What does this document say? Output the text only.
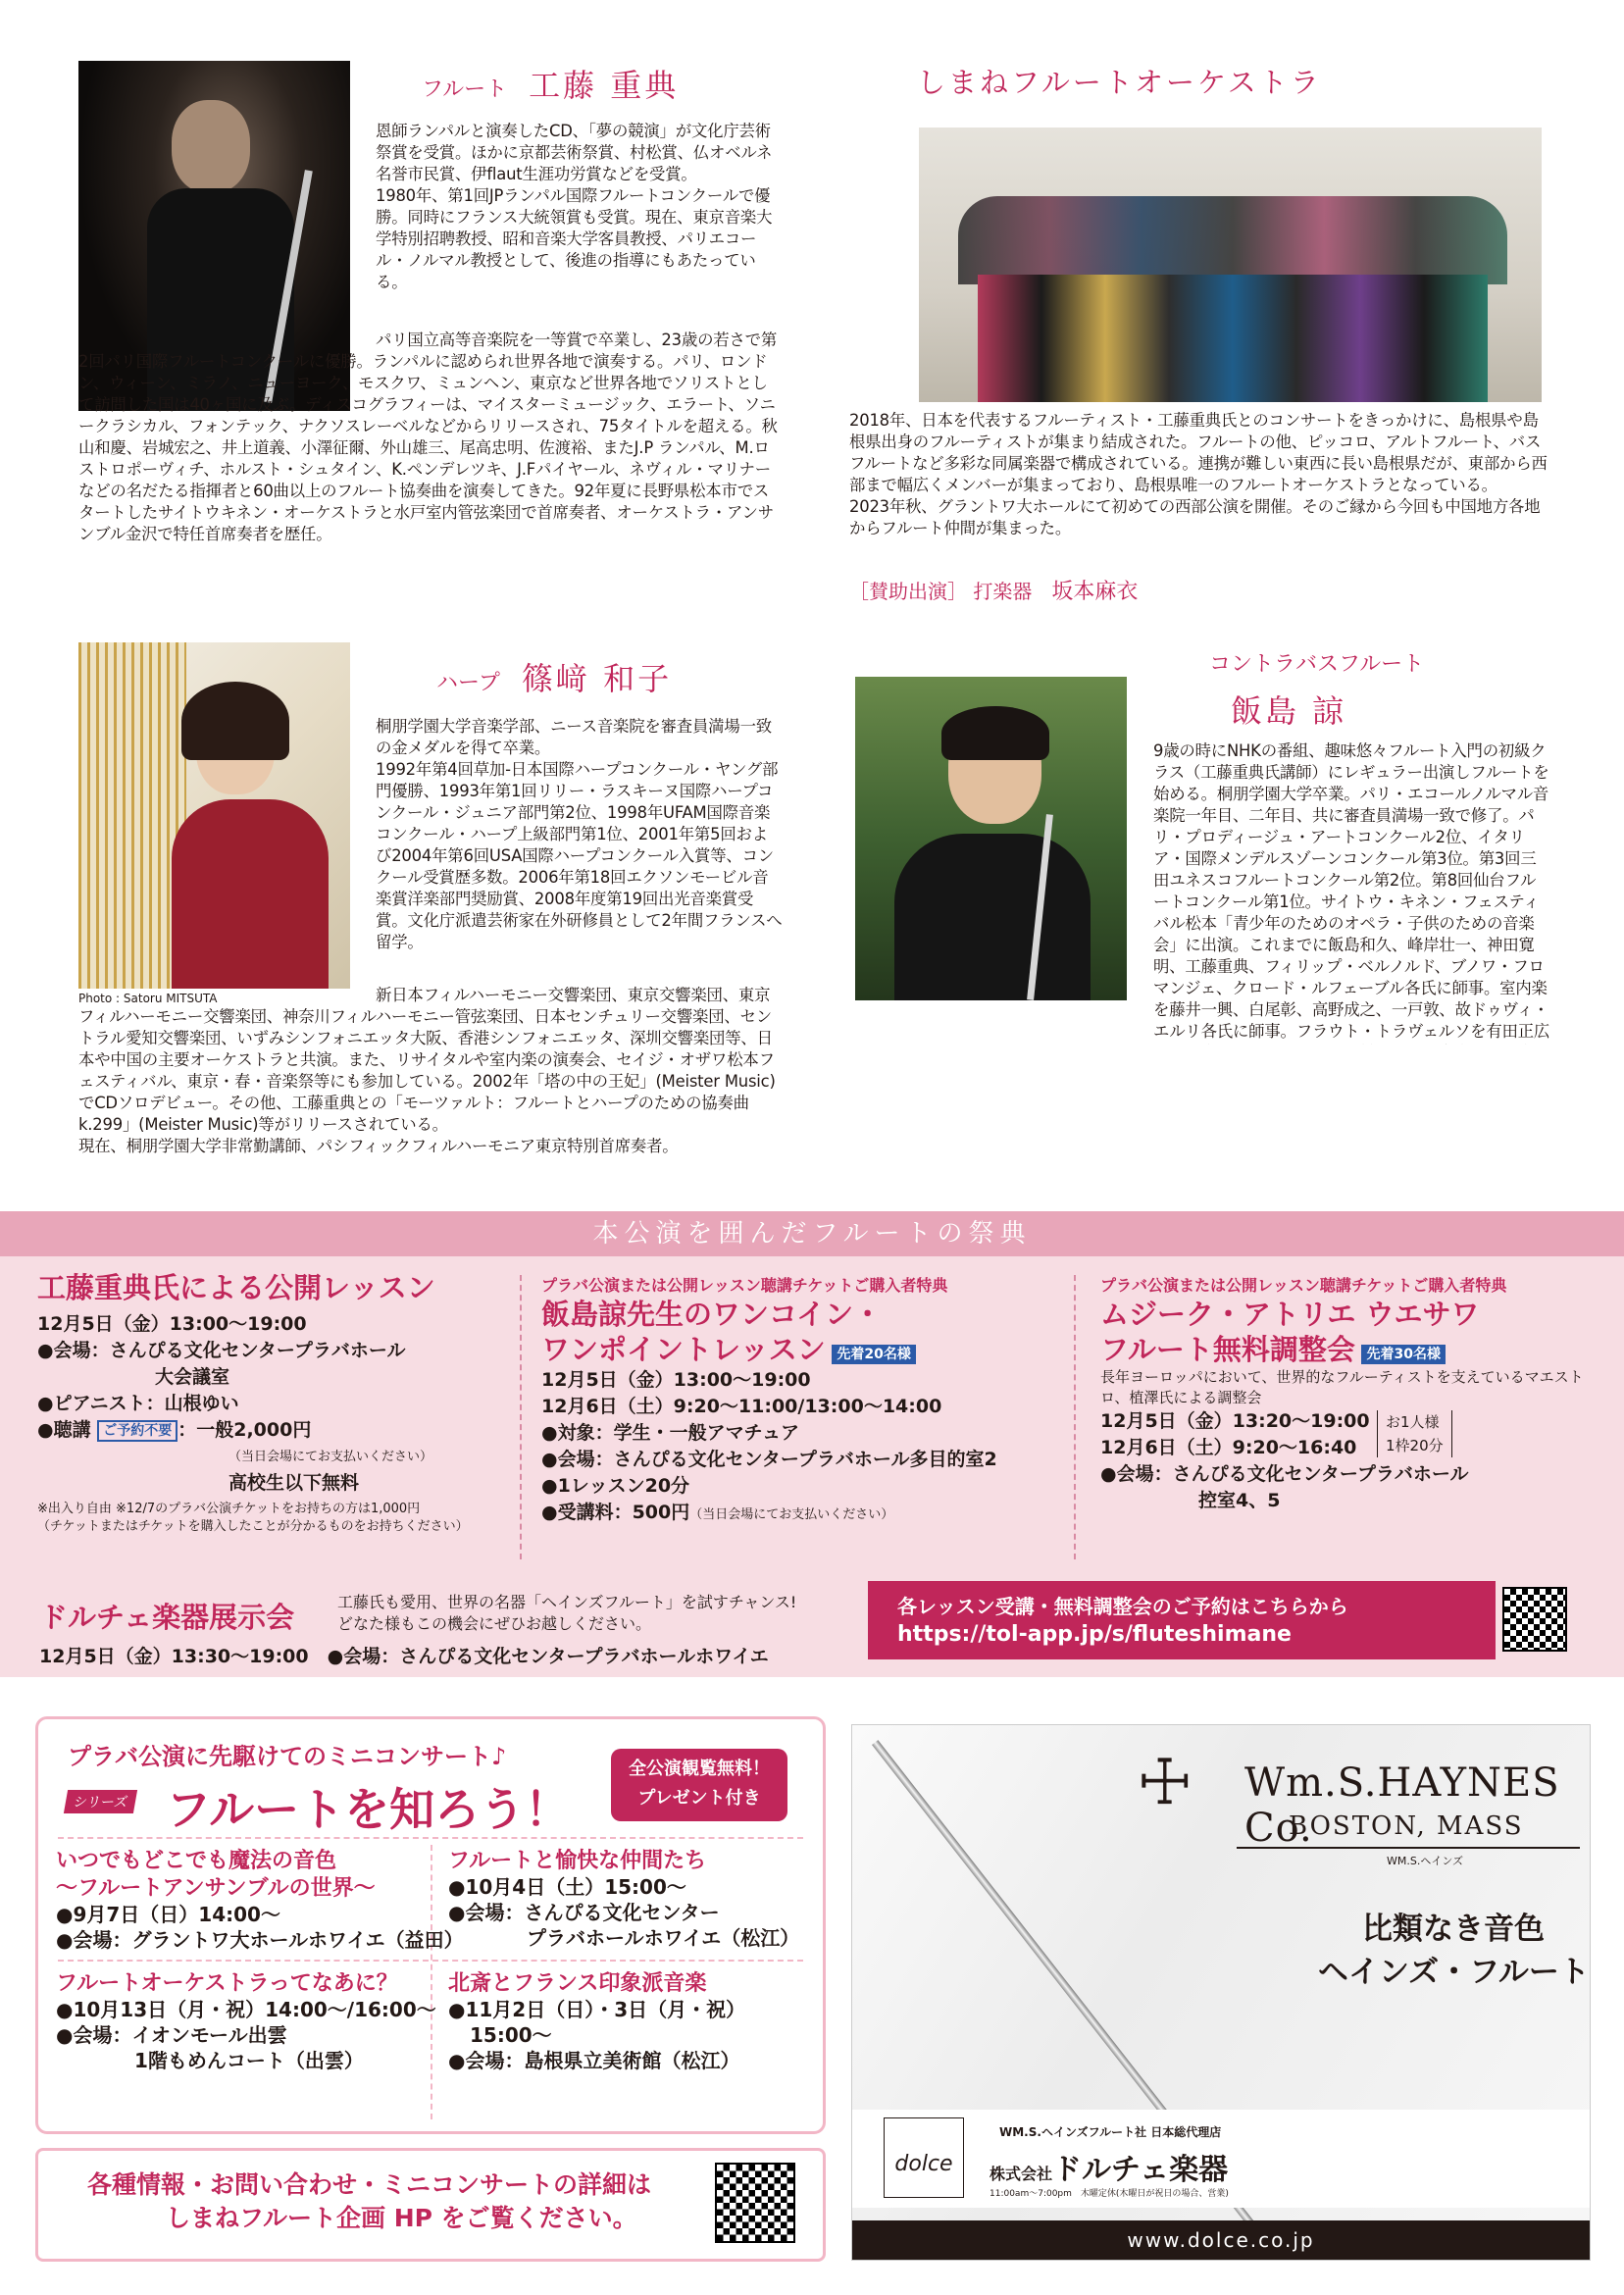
フルート 工藤 重典

恩師ランパルと演奏したCD、「夢の競演」が文化庁芸術祭賞を受賞。ほかに京都芸術祭賞、村松賞、仏オベルネ名誉市民賞、伊flaut生涯功労賞などを受賞。

1980年、第1回JPランパル国際フルートコンクールで優勝。同時にフランス大統領賞も受賞。現在、東京音楽大学特別招聘教授、昭和音楽大学客員教授、パリエコール・ノルマル教授として、後進の指導にもあたっている。

パリ国立高等音楽院を一等賞で卒業し、23歳の若さで第2回パリ国際フルートコンクールに優勝。ランパルに認められ世界各地で演奏する。パリ、ロンドン、ウィーン、ミラノ、ニューヨーク、モスクワ、ミュンヘン、東京など世界各地でソリストとして訪問した国は40ヶ国に及ぶ。ディスコグラフィーは、マイスターミュージック、エラート、ソニークラシカル、フォンテック、ナクソスレーベルなどからリリースされ、75タイトルを超える。秋山和慶、岩城宏之、井上道義、小澤征爾、外山雄三、尾高忠明、佐渡裕、またJ.P ランパル、M.ロストロポーヴィチ、ホルスト・シュタイン、K.ペンデレツキ、J.Fパイヤール、ネヴィル・マリナーなどの名だたる指揮者と60曲以上のフルート協奏曲を演奏してきた。92年夏に長野県松本市でスタートしたサイトウキネン・オーケストラと水戸室内管弦楽団で首席奏者、オーケストラ・アンサンブル金沢で特任首席奏者を歴任。

しまねフルートオーケストラ

2018年、日本を代表するフルーティスト・工藤重典氏とのコンサートをきっかけに、島根県や島根県出身のフルーティストが集まり結成された。フルートの他、ピッコロ、アルトフルート、バスフルートなど多彩な同属楽器で構成されている。連携が難しい東西に長い島根県だが、東部から西部まで幅広くメンバーが集まっており、島根県唯一のフルートオーケストラとなっている。

2023年秋、グラントワ大ホールにて初めての西部公演を開催。そのご縁から今回も中国地方各地からフルート仲間が集まった。

［賛助出演］ 打楽器　 坂本麻衣
Photo : Satoru MITSUTA
ハープ 篠﨑 和子

桐朋学園大学音楽学部、ニース音楽院を審査員満場一致の金メダルを得て卒業。

1992年第4回草加-日本国際ハープコンクール・ヤング部門優勝、1993年第1回リリー・ラスキーヌ国際ハープコンクール・ジュニア部門第2位、1998年UFAM国際音楽コンクール・ハープ上級部門第1位、2001年第5回および2004年第6回USA国際ハープコンクール入賞等、コンクール受賞歴多数。2006年第18回エクソンモービル音楽賞洋楽部門奨励賞、2008年度第19回出光音楽賞受賞。文化庁派遣芸術家在外研修員として2年間フランスへ留学。

新日本フィルハーモニー交響楽団、東京交響楽団、東京フィルハーモニー交響楽団、神奈川フィルハーモニー管弦楽団、日本センチュリー交響楽団、セントラル愛知交響楽団、いずみシンフォニエッタ大阪、香港シンフォニエッタ、深圳交響楽団等、日本や中国の主要オーケストラと共演。また、リサイタルや室内楽の演奏会、セイジ・オザワ松本フェスティバル、東京・春・音楽祭等にも参加している。2002年「塔の中の王妃」(Meister Music)でCDソロデビュー。その他、工藤重典との「モーツァルト：フルートとハープのための協奏曲k.299」(Meister Music)等がリリースされている。

現在、桐朋学園大学非常勤講師、パシフィックフィルハーモニア東京特別首席奏者。

コントラバスフルート
飯島 諒

9歳の時にNHKの番組、趣味悠々フルート入門の初級クラス（工藤重典氏講師）にレギュラー出演しフルートを始める。桐朋学園大学卒業。パリ・エコールノルマル音楽院一年目、二年目、共に審査員満場一致で修了。パリ・プロディージュ・アートコンクール2位、イタリア・国際メンデルスゾーンコンクール第3位。第3回三田ユネスコフルートコンクール第2位。第8回仙台フルートコンクール第1位。サイトウ・キネン・フェスティバル松本「青少年のためのオペラ・子供のための音楽会」に出演。これまでに飯島和久、峰岸壮一、神田寛明、工藤重典、フィリップ・ベルノルド、ブノワ・フロマンジェ、クロード・ルフェーブル各氏に師事。室内楽を藤井一興、白尾彰、高野成之、一戸敦、故ドゥヴィ・エルリ各氏に師事。フラウト・トラヴェルソを有田正広

本公演を囲んだフルートの祭典
工藤重典氏による公開レッスン
12月5日（金）13:00～19:00
●会場：さんぴる文化センタープラバホール
大会議室
●ピアニスト：山根ゆい
●聴講 ご予約不要 ：一般2,000円
（当日会場にてお支払いください）
高校生以下無料
※出入り自由 ※12/7のプラバ公演チケットをお持ちの方は1,000円
（チケットまたはチケットを購入したことが分かるものをお持ちください）
プラバ公演または公開レッスン聴講チケットご購入者特典
飯島諒先生のワンコイン・
ワンポイントレッスン 先着20名様
12月5日（金）13:00～19:00
12月6日（土）9:20～11:00/13:00～14:00
●対象：学生・一般アマチュア
●会場：さんぴる文化センタープラバホール多目的室2
●1レッスン20分
●受講料：500円（当日会場にてお支払いください）
プラバ公演または公開レッスン聴講チケットご購入者特典
ムジーク・アトリエ ウエサワ
フルート無料調整会 先着30名様
長年ヨーロッパにおいて、世界的なフルーティストを支えているマエストロ、植澤氏による調整会
12月5日（金）13:20～19:00
12月6日（土）9:20～16:40
お1人様
1枠20分
●会場：さんぴる文化センタープラバホール
控室4、5
ドルチェ楽器展示会	工藤氏も愛用、世界の名器「ヘインズフルート」を試すチャンス!
どなた様もこの機会にぜひお越しください。
12月5日（金）13:30～19:00　 ●会場：さんぴる文化センタープラバホールホワイエ
各レッスン受講・無料調整会のご予約はこちらから
https://tol-app.jp/s/fluteshimane
プラバ公演に先駆けてのミニコンサート♪
シリーズ フルートを知ろう！
全公演観覧無料！
プレゼント付き
いつでもどこでも魔法の音色
～フルートアンサンブルの世界～
●9月7日（日）14:00～
●会場：グラントワ大ホールホワイエ（益田）
フルートと愉快な仲間たち
●10月4日（土）15:00～
●会場：さんぴる文化センター
プラバホールホワイエ（松江）
フルートオーケストラってなあに？
●10月13日（月・祝）14:00～/16:00～
●会場：イオンモール出雲
1階もめんコート（出雲）
北斎とフランス印象派音楽
●11月2日（日）・3日（月・祝）
15:00～
●会場：島根県立美術館（松江）
各種情報・お問い合わせ・ミニコンサートの詳細は
しまねフルート企画 HP をご覧ください。
☩ Wm.S.HAYNES Co.
BOSTON, MASS
WM.S.ヘインズ
比類なき音色
ヘインズ・フルート
dolce
WM.S.ヘインズフルート社 日本総代理店
株式会社ドルチェ楽器
11:00am～7:00pm　木曜定休(木曜日が祝日の場合、営業)
www.dolce.co.jp
